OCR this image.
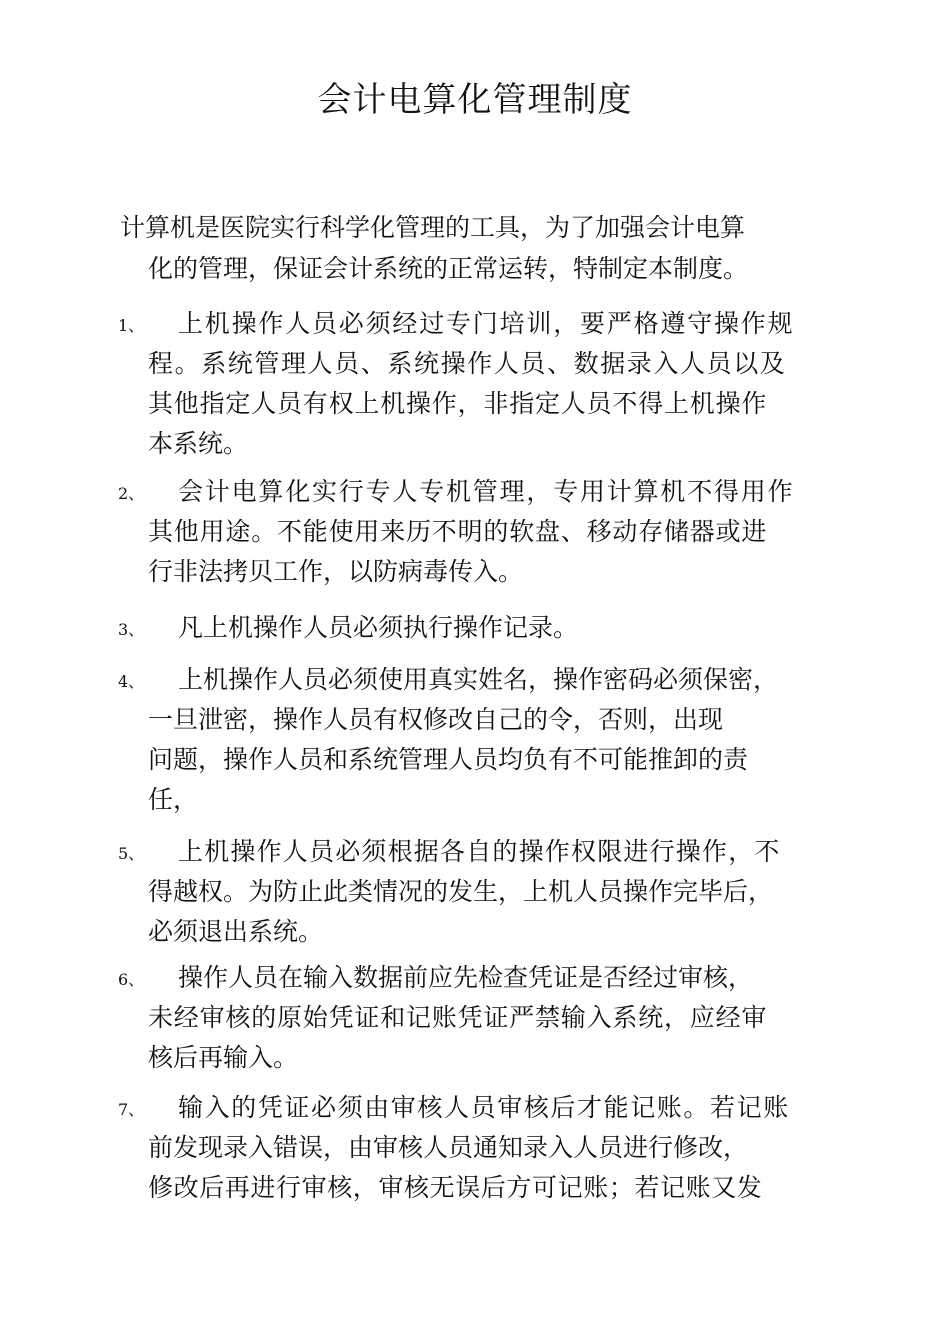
会计电算化管理制度
计算机是医院实行科学化管理的工具，为了加强会计电算
化的管理，保证会计系统的正常运转，特制定本制度。
1、 上机操作人员必须经过专门培训，要严格遵守操作规
程。系统管理人员、系统操作人员、数据录入人员以及
其他指定人员有权上机操作，非指定人员不得上机操作
本系统。
2、 会计电算化实行专人专机管理，专用计算机不得用作
其他用途。不能使用来历不明的软盘、移动存储器或进
行非法拷贝工作，以防病毒传入。
3、 凡上机操作人员必须执行操作记录。
4、 上机操作人员必须使用真实姓名，操作密码必须保密，
一旦泄密，操作人员有权修改自己的令，否则，出现
问题，操作人员和系统管理人员均负有不可能推卸的责
任，
5、 上机操作人员必须根据各自的操作权限进行操作，不
得越权。为防止此类情况的发生，上机人员操作完毕后，
必须退出系统。
6、 操作人员在输入数据前应先检查凭证是否经过审核，
未经审核的原始凭证和记账凭证严禁输入系统，应经审
核后再输入。
7、 输入的凭证必须由审核人员审核后才能记账。若记账
前发现录入错误，由审核人员通知录入人员进行修改，
修改后再进行审核，审核无误后方可记账；若记账又发
